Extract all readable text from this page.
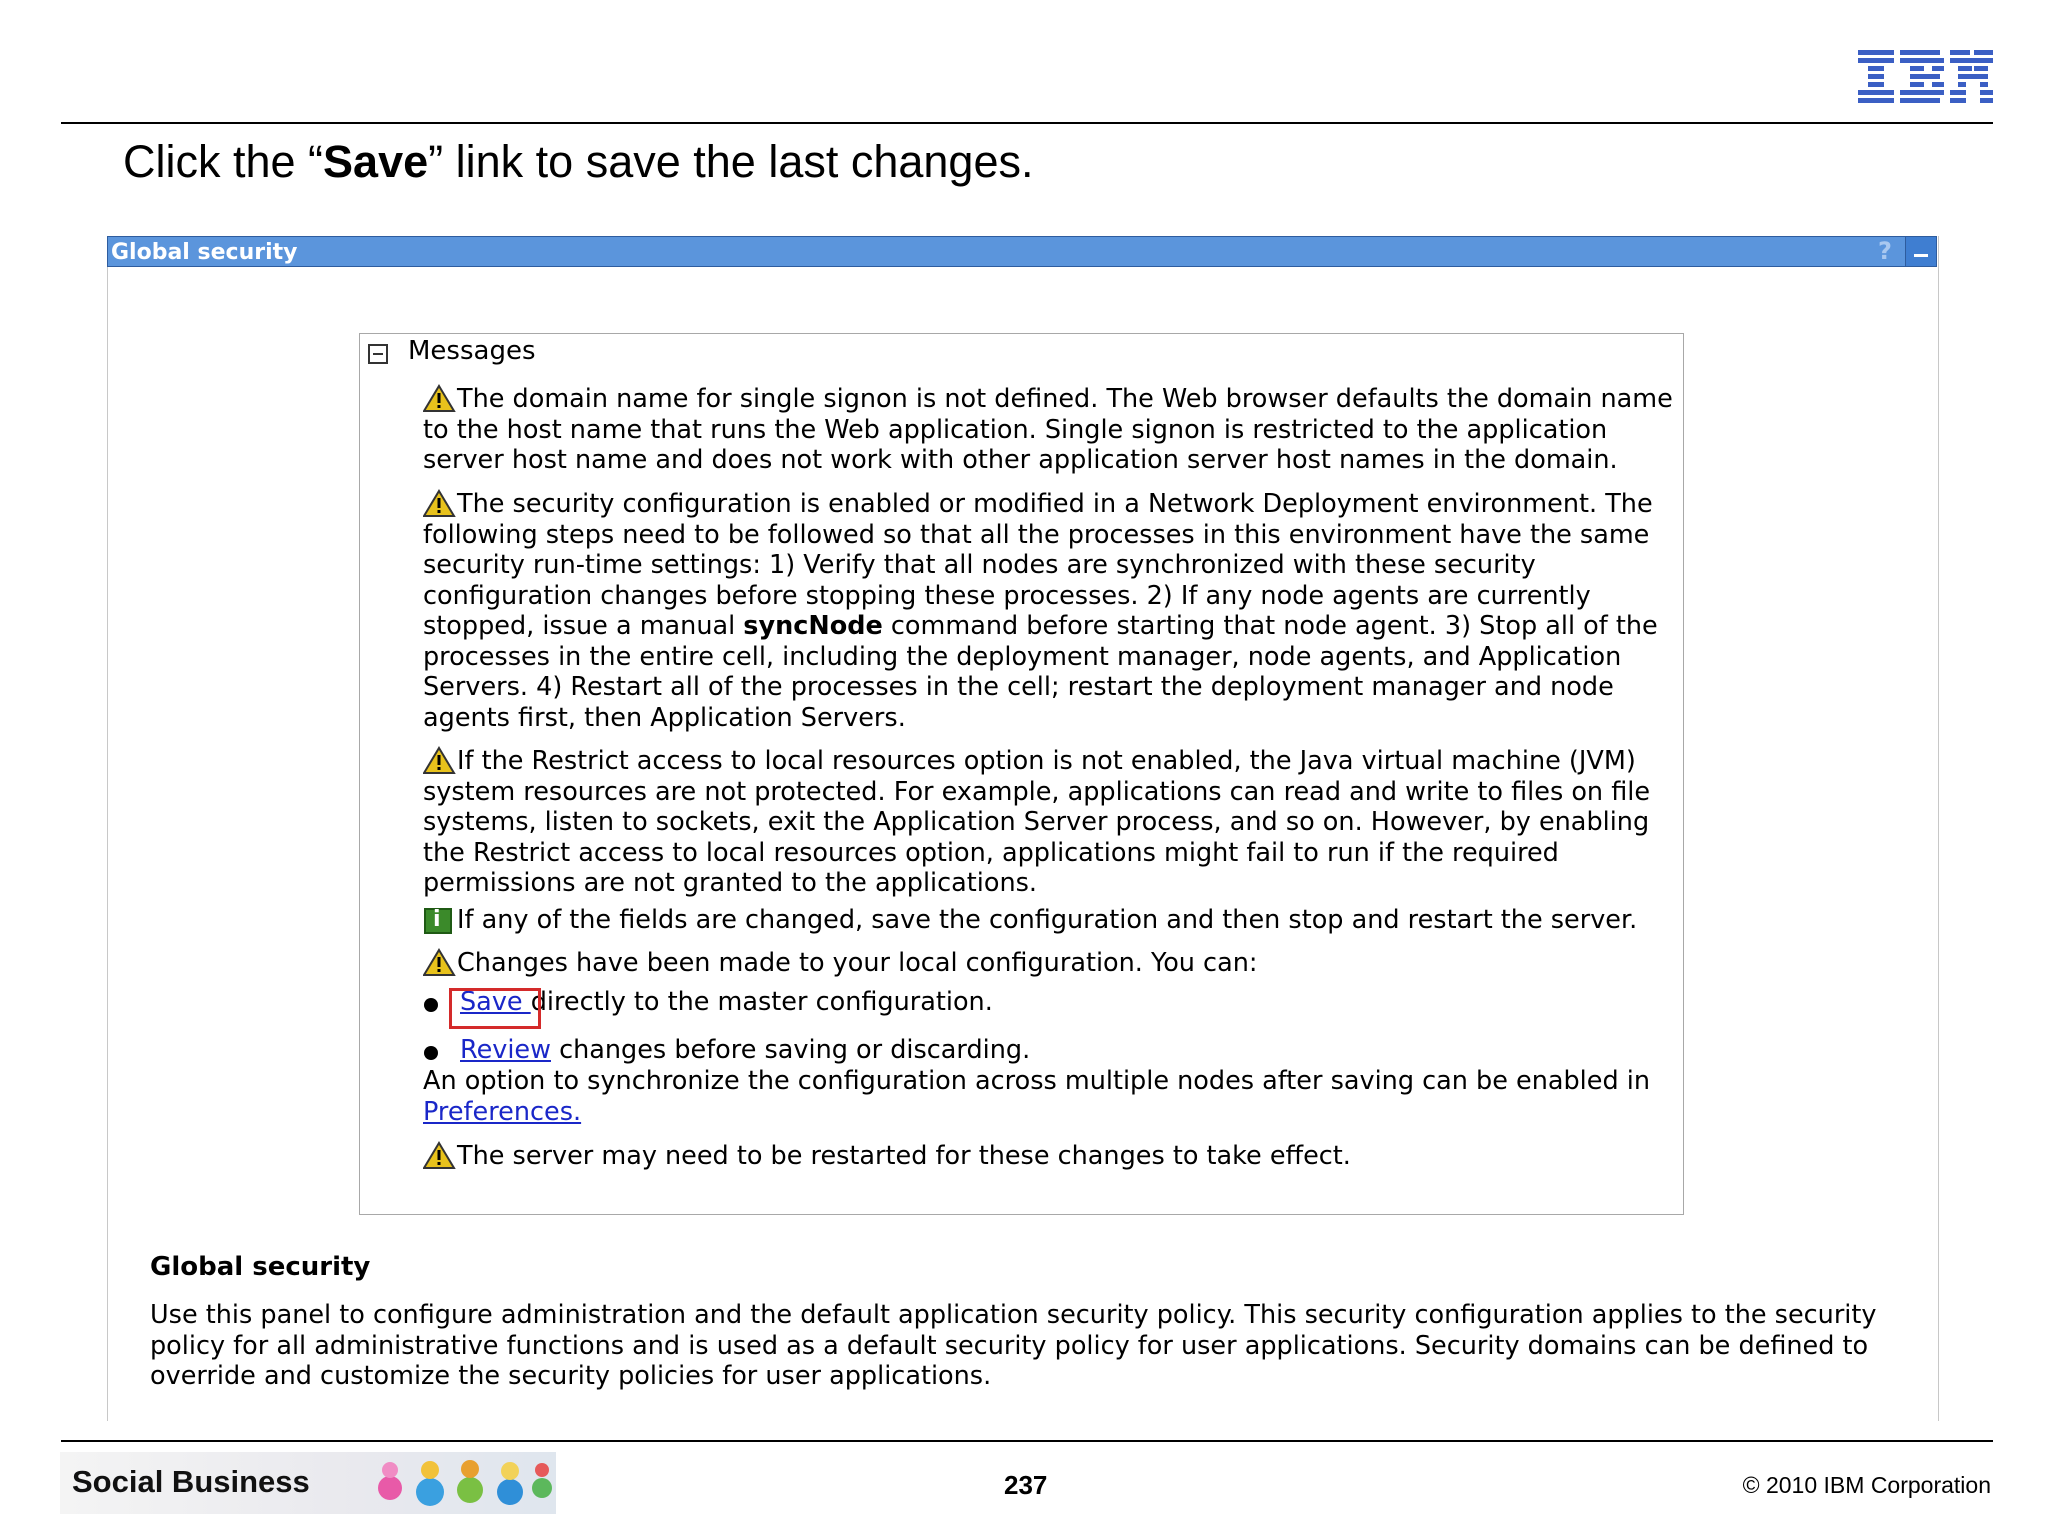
Click the “Save” link to save the last changes.
Global security	?
Messages
The domain name for single signon is not defined. The Web browser defaults the domain name to the host name that runs the Web application. Single signon is restricted to the application server host name and does not work with other application server host names in the domain.
The security configuration is enabled or modified in a Network Deployment environment. The following steps need to be followed so that all the processes in this environment have the same security run-time settings: 1) Verify that all nodes are synchronized with these security configuration changes before stopping these processes. 2) If any node agents are currently stopped, issue a manual syncNode command before starting that node agent. 3) Stop all of the processes in the entire cell, including the deployment manager, node agents, and Application Servers. 4) Restart all of the processes in the cell; restart the deployment manager and node agents first, then Application Servers.
If the Restrict access to local resources option is not enabled, the Java virtual machine (JVM) system resources are not protected. For example, applications can read and write to files on file systems, listen to sockets, exit the Application Server process, and so on. However, by enabling the Restrict access to local resources option, applications might fail to run if the required permissions are not granted to the applications.
i
If any of the fields are changed, save the configuration and then stop and restart the server.
Changes have been made to your local configuration. You can:
Save directly to the master configuration.
Review changes before saving or discarding.
An option to synchronize the configuration across multiple nodes after saving can be enabled in
Preferences.
The server may need to be restarted for these changes to take effect.
Global security
Use this panel to configure administration and the default application security policy. This security configuration applies to the security policy for all administrative functions and is used as a default security policy for user applications. Security domains can be defined to override and customize the security policies for user applications.
Social Business	237	© 2010 IBM Corporation
